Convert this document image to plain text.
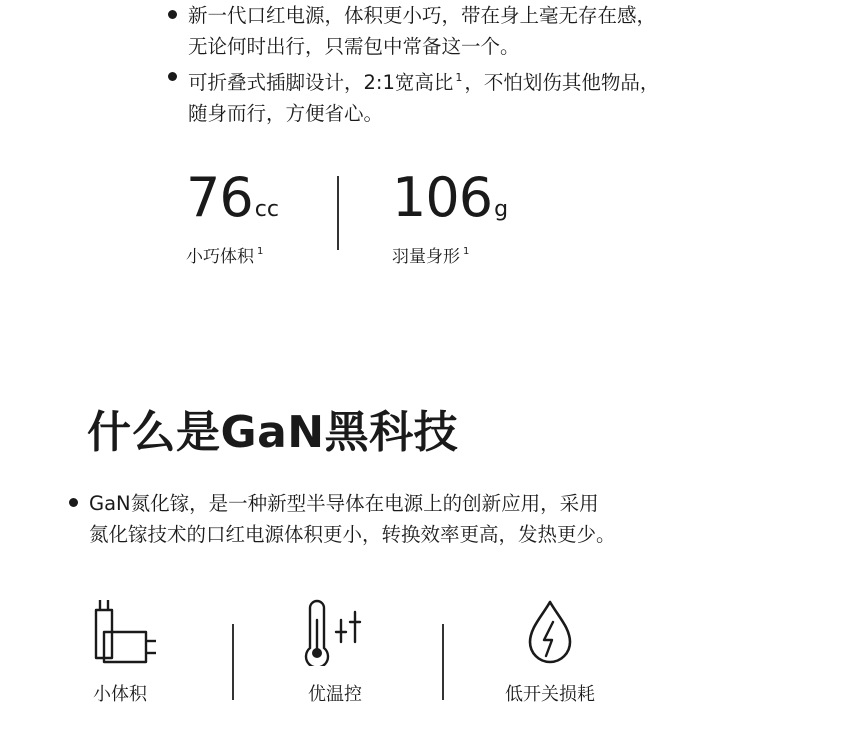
新一代口红电源，体积更小巧，带在身上毫无存在感，
无论何时出行，只需包中常备这一个。
可折叠式插脚设计，2:1宽高比 $^1$ ，不怕划伤其他物品，
随身而行，方便省心。
76cc
小巧体积 $^1$
106g
羽量身形 $^1$
什么是GaN黑科技
GaN氮化镓，是一种新型半导体在电源上的创新应用，采用
氮化镓技术的口红电源体积更小，转换效率更高，发热更少。
小体积	优温控	低开关损耗
